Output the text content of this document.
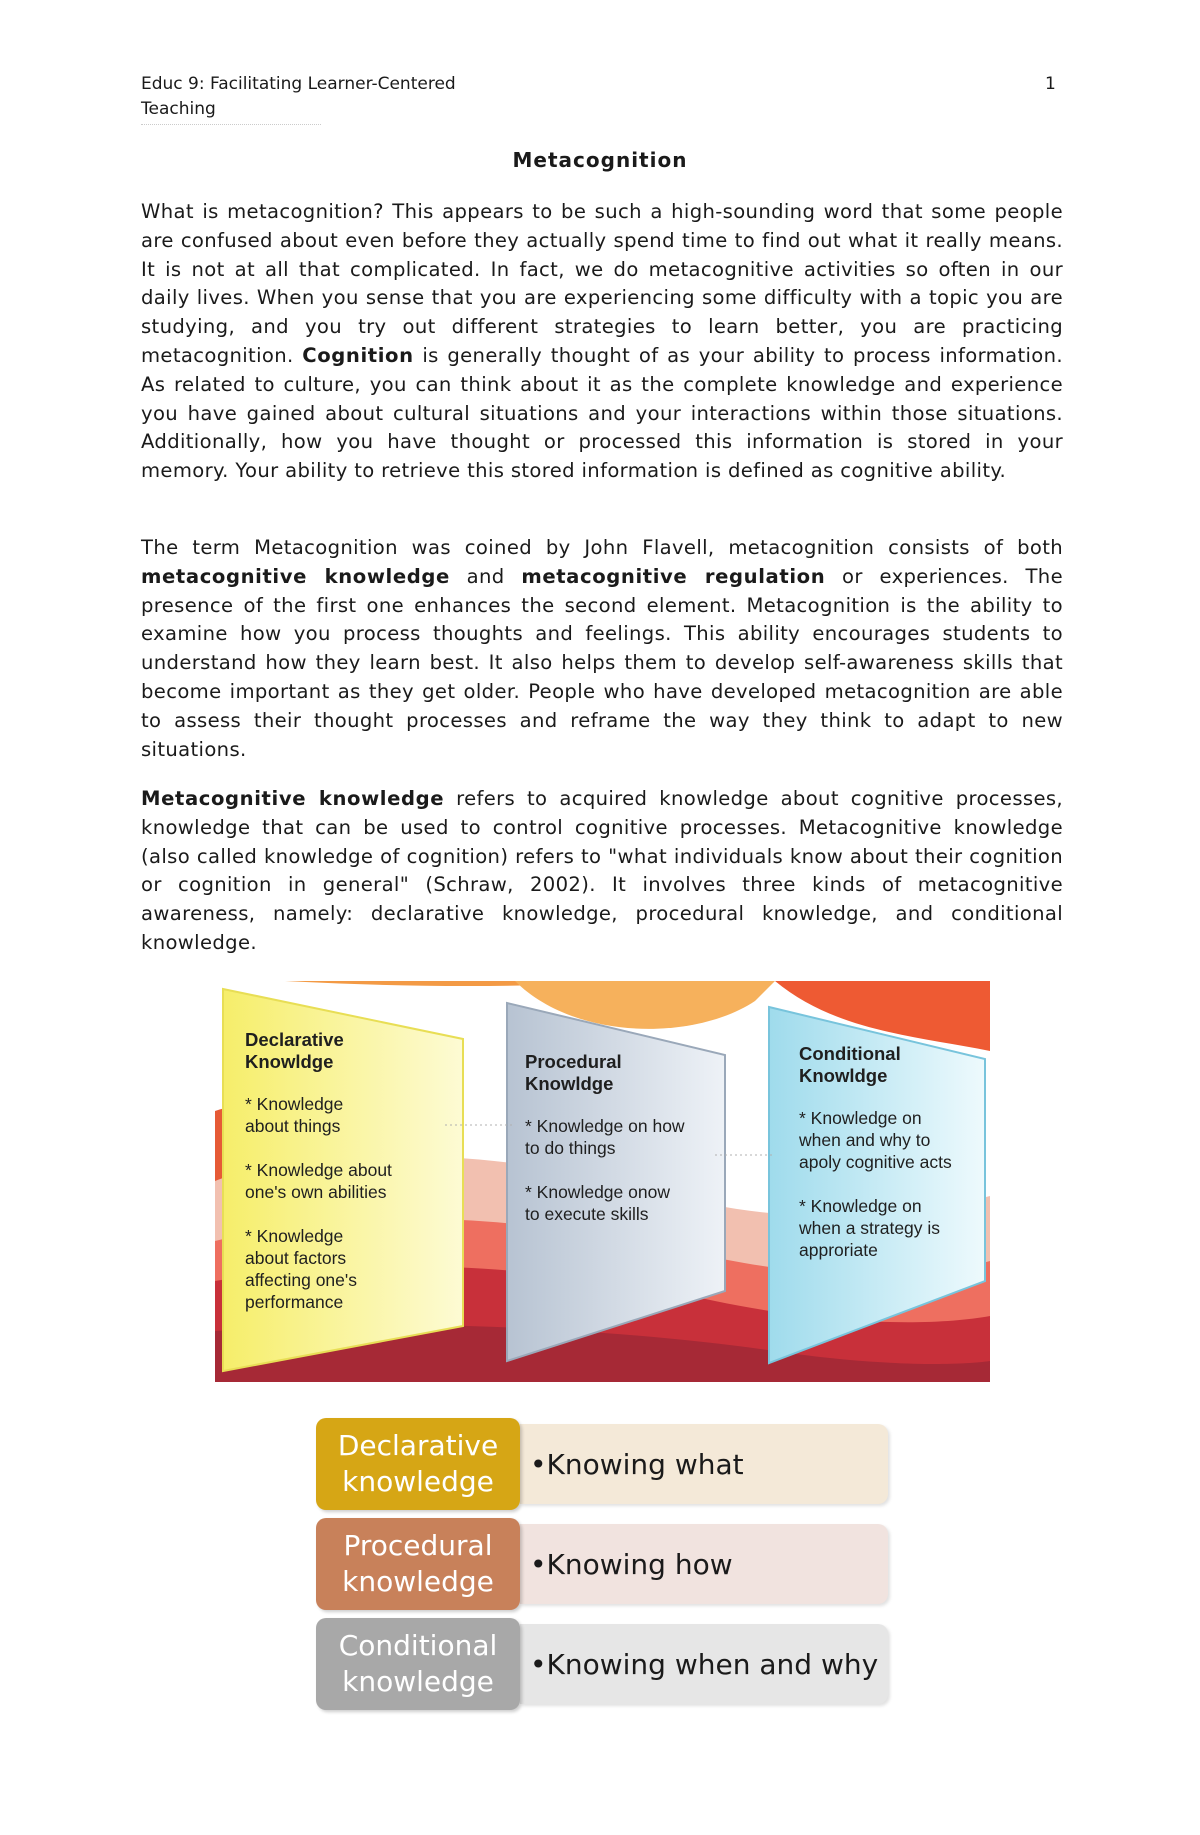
Educ 9: Facilitating Learner-Centered Teaching
1
Metacognition

What is metacognition? This appears to be such a high-sounding word that some people are confused about even before they actually spend time to find out what it really means. It is not at all that complicated. In fact, we do metacognitive activities so often in our daily lives. When you sense that you are experiencing some difficulty with a topic you are studying, and you try out different strategies to learn better, you are practicing metacognition. Cognition is generally thought of as your ability to process information. As related to culture, you can think about it as the complete knowledge and experience you have gained about cultural situations and your interactions within those situations. Additionally, how you have thought or processed this information is stored in your memory. Your ability to retrieve this stored information is defined as cognitive ability.

The term Metacognition was coined by John Flavell, metacognition consists of both metacognitive knowledge and metacognitive regulation or experiences. The presence of the first one enhances the second element. Metacognition is the ability to examine how you process thoughts and feelings. This ability encourages students to understand how they learn best. It also helps them to develop self-awareness skills that become important as they get older. People who have developed metacognition are able to assess their thought processes and reframe the way they think to adapt to new situations.

Metacognitive knowledge refers to acquired knowledge about cognitive processes, knowledge that can be used to control cognitive processes. Metacognitive knowledge (also called knowledge of cognition) refers to "what individuals know about their cognition or cognition in general" (Schraw, 2002). It involves three kinds of metacognitive awareness, namely: declarative knowledge, procedural knowledge, and conditional knowledge.

Declarative
Knowldge
* Knowledge about things
* Knowledge about one's own abilities
* Knowledge about factors affecting one's performance
Procedural
Knowldge
* Knowledge on how to do things
* Knowledge onow to execute skills
Conditional
Knowldge
* Knowledge on when and why to apoly cognitive acts
* Knowledge on when a strategy is approriate
•Knowing what
Declarative
knowledge
•Knowing how
Procedural
knowledge
•Knowing when and why
Conditional
knowledge
